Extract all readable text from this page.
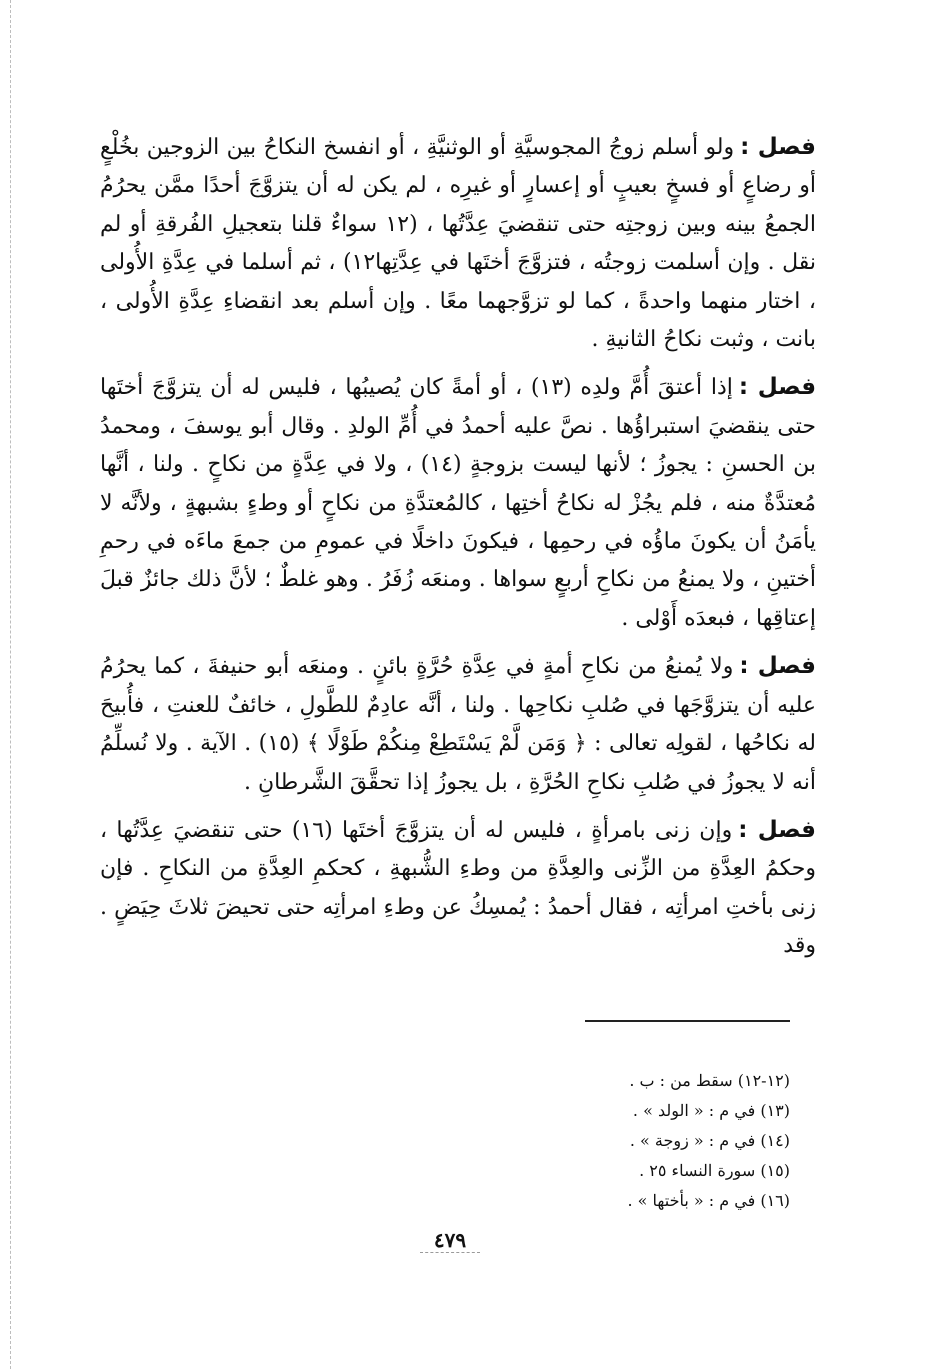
فصل :ولو أسلم زوجُ المجوسيَّةِ أو الوثنيَّةِ ، أو انفسخ النكاحُ بين الزوجين بخُلْعٍ أو رضاعٍ أو فسخٍ بعيبٍ أو إعسارٍ أو غيرِه ، لم يكن له أن يتزوَّجَ أحدًا ممَّن يحرُمُ الجمعُ بينه وبين زوجتِه حتى تنقضيَ عِدَّتُها ، (١٢ سواءٌ قلنا بتعجيلِ الفُرقةِ أو لم نقل . وإن أسلمت زوجتُه ، فتزوَّجَ أختَها في عِدَّتِها١٢) ، ثم أسلما في عِدَّةِ الأُولى ، اختار منهما واحدةً ، كما لو تزوَّجهما معًا . وإن أسلم بعد انقضاءِ عِدَّةِ الأُولى ، بانت ، وثبت نكاحُ الثانيةِ .

فصل :إذا أعتقَ أُمَّ ولدِه (١٣) ، أو أمةً كان يُصيبُها ، فليس له أن يتزوَّجَ أختَها حتى ينقضيَ استبراؤُها . نصَّ عليه أحمدُ في أُمِّ الولدِ . وقال أبو يوسفَ ، ومحمدُ بن الحسنِ : يجوزُ ؛ لأنها ليست بزوجةٍ (١٤) ، ولا في عِدَّةٍ من نكاحٍ . ولنا ، أنَّها مُعتدَّةٌ منه ، فلم يجُزْ له نكاحُ أختِها ، كالمُعتدَّةِ من نكاحٍ أو وطءٍ بشبهةٍ ، ولأنَّه لا يأمَنُ أن يكونَ ماؤُه في رحمِها ، فيكونَ داخلًا في عمومِ من جمعَ ماءَه في رحمِ أختينِ ، ولا يمنعُ من نكاحِ أربعٍ سواها . ومنعَه زُفَرُ . وهو غلطٌ ؛ لأنَّ ذلك جائزٌ قبلَ إعتاقِها ، فبعدَه أَوْلى .

فصل :ولا يُمنعُ من نكاحِ أمةٍ في عِدَّةِ حُرَّةٍ بائنٍ . ومنعَه أبو حنيفةَ ، كما يحرُمُ عليه أن يتزوَّجَها في صُلبِ نكاحِها . ولنا ، أنَّه عادِمٌ للطَّولِ ، خائفٌ للعنتِ ، فأُبيحَ له نكاحُها ، لقولِه تعالى : ﴿ وَمَن لَّمْ يَسْتَطِعْ مِنكُمْ طَوْلًا ﴾ (١٥) . الآية . ولا نُسلِّمُ أنه لا يجوزُ في صُلبِ نكاحِ الحُرَّةِ ، بل يجوزُ إذا تحقَّقَ الشَّرطانِ .

فصل :وإن زنى بامرأةٍ ، فليس له أن يتزوَّجَ أختَها (١٦) حتى تنقضيَ عِدَّتُها ، وحكمُ العِدَّةِ من الزِّنى والعِدَّةِ من وطءِ الشُّبهةِ ، كحكمِ العِدَّةِ من النكاحِ . فإن زنى بأختِ امرأتِه ، فقال أحمدُ : يُمسِكُ عن وطءِ امرأتِه حتى تحيضَ ثلاثَ حِيَضٍ . وقد

(١٢-١٢) سقط من : ب .
(١٣) في م : « الولد » .
(١٤) في م : « زوجة » .
(١٥) سورة النساء ٢٥ .
(١٦) في م : « بأختها » .
٤٧٩
